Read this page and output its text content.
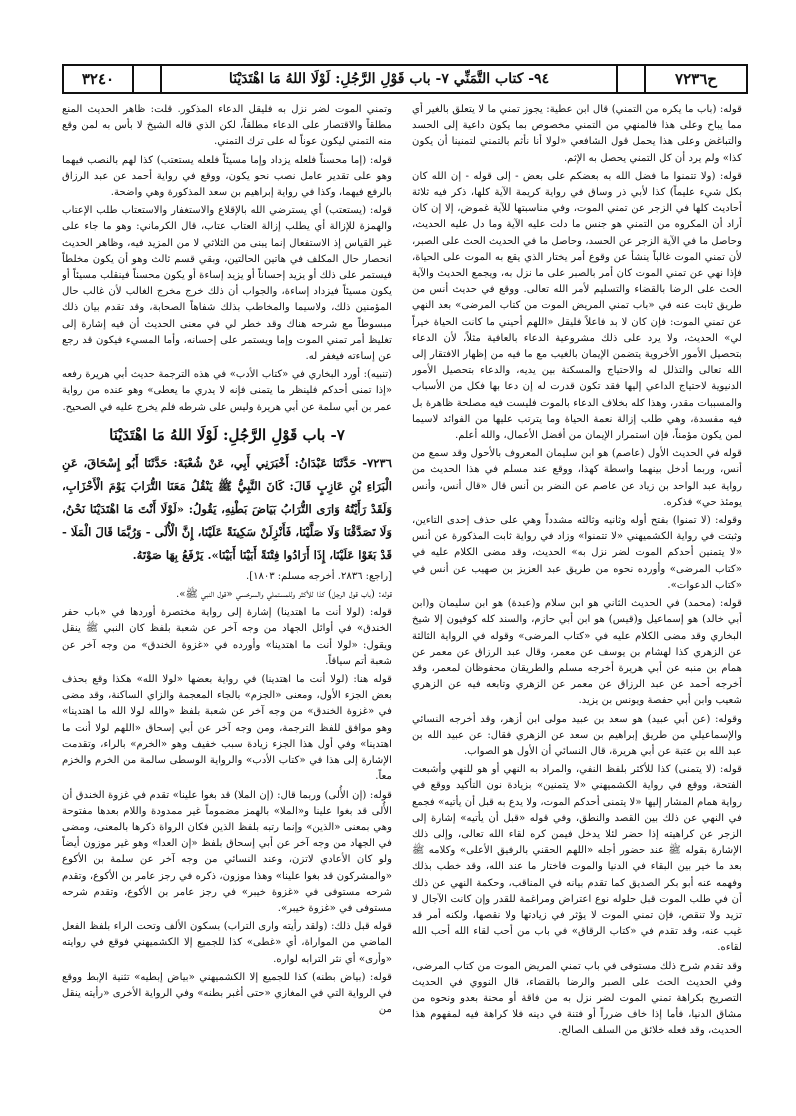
٣٢٤٠	٩٤- كتاب التَّمَنِّي ٧- باب قَوْلِ الرَّجُلِ: لَوْلَا اللهُ مَا اهْتَدَيْنَا	ح٧٢٣٦

قوله: (باب ما يكره من التمني) قال ابن عطية: يجوز تمني ما لا يتعلق بالغير أي مما يباح وعلى هذا فالمنهي من التمني مخصوص بما يكون داعية إلى الحسد والتباغض وعلى هذا يحمل قول الشافعي «لولا أنا نأثم بالتمني لتمنينا أن يكون كذا» ولم يرد أن كل التمني يحصل به الإثم.

قوله: (ولا تتمنوا ما فضل الله به بعضكم على بعض - إلى قوله - إن الله كان بكل شيء عليماً) كذا لأبي ذر وساق في رواية كريمة الآية كلها، ذكر فيه ثلاثة أحاديث كلها في الزجر عن تمني الموت، وفي مناسبتها للآية غموض، إلا إن كان أراد أن المكروه من التمني هو جنس ما دلت عليه الآية وما دل عليه الحديث، وحاصل ما في الآية الزجر عن الحسد، وحاصل ما في الحديث الحث على الصبر، لأن تمني الموت غالباً ينشأ عن وقوع أمر يختار الذي يقع به الموت على الحياة، فإذا نهي عن تمني الموت كان أمر بالصبر على ما نزل به، ويجمع الحديث والآية الحث على الرضا بالقضاء والتسليم لأمر الله تعالى. ووقع في حديث أنس من طريق ثابت عنه في «باب تمني المريض الموت من كتاب المرضى» بعد النهي عن تمني الموت: فإن كان لا بد فاعلاً فليقل «اللهم أحيني ما كانت الحياة خيراً لي» الحديث، ولا يرد على ذلك مشروعية الدعاء بالعافية مثلاً، لأن الدعاء بتحصيل الأمور الأخروية يتضمن الإيمان بالغيب مع ما فيه من إظهار الافتقار إلى الله تعالى والتذلل له والاحتياج والمسكنة بين يديه، والدعاء بتحصيل الأمور الدنيوية لاحتياج الداعي إليها فقد تكون قدرت له إن دعا بها فكل من الأسباب والمسببات مقدر، وهذا كله بخلاف الدعاء بالموت فليست فيه مصلحة ظاهرة بل فيه مفسدة، وهي طلب إزالة نعمة الحياة وما يترتب عليها من الفوائد لاسيما لمن يكون مؤمناً، فإن استمرار الإيمان من أفضل الأعمال، والله أعلم.

قوله في الحديث الأول (عاصم) هو ابن سليمان المعروف بالأحول وقد سمع من أنس، وربما أدخل بينهما واسطة كهذا، ووقع عند مسلم في هذا الحديث من رواية عبد الواحد بن زياد عن عاصم عن النضر بن أنس قال «قال أنس، وأنس يومئذ حي» فذكره.

وقوله: (لا تمنوا) بفتح أوله وثانيه وثالثه مشدداً وهي على حذف إحدى التاءين، وثبتت في رواية الكشميهني «لا تتمنوا» وزاد في رواية ثابت المذكورة عن أنس «لا يتمنين أحدكم الموت لضر نزل به» الحديث، وقد مضى الكلام عليه في «كتاب المرضى» وأورده نحوه من طريق عبد العزيز بن صهيب عن أنس في «كتاب الدعوات».

قوله: (محمد) في الحديث الثاني هو ابن سلام و(عبدة) هو ابن سليمان و(ابن أبي خالد) هو إسماعيل و(قيس) هو ابن أبي حازم، والسند كله كوفيون إلا شيخ البخاري وقد مضى الكلام عليه في «كتاب المرضى» وقوله في الرواية الثالثة عن الزهري كذا لهشام بن يوسف عن معمر، وقال عبد الرزاق عن معمر عن همام بن منبه عن أبي هريرة أخرجه مسلم والطريقان محفوظان لمعمر، وقد أخرجه أحمد عن عبد الرزاق عن معمر عن الزهري وتابعه فيه عن الزهري شعيب وابن أبي حفصة ويونس بن يزيد.

وقوله: (عن أبي عبيد) هو سعد بن عبيد مولى ابن أزهر، وقد أخرجه النسائي والإسماعيلي من طريق إبراهيم بن سعد عن الزهري فقال: عن عبيد الله بن عبد الله بن عتبة عن أبي هريرة، قال النسائي أن الأول هو الصواب.

قوله: (لا يتمنى) كذا للأكثر بلفظ النفي، والمراد به النهي أو هو للنهي وأشبعت الفتحة، ووقع في رواية الكشميهني «لا يتمنين» بزيادة نون التأكيد ووقع في رواية همام المشار إليها «لا يتمنى أحدكم الموت، ولا يدع به قبل أن يأتيه» فجمع في النهي عن ذلك بين القصد والنطق، وفي قوله «قبل أن يأتيه» إشارة إلى الزجر عن كراهيته إذا حضر لئلا يدخل فيمن كره لقاء الله تعالى، وإلى ذلك الإشارة بقوله ﷺ عند حضور أجله «اللهم الحقني بالرفيق الأعلى» وكلامه ﷺ بعد ما خير بين البقاء في الدنيا والموت فاختار ما عند الله، وقد خطب بذلك وفهمه عنه أبو بكر الصديق كما تقدم بيانه في المناقب، وحكمة النهي عن ذلك أن في طلب الموت قبل حلوله نوع اعتراض ومراغمة للقدر وإن كانت الآجال لا تزيد ولا تنقص، فإن تمني الموت لا يؤثر في زيادتها ولا نقصها، ولكنه أمر قد غيب عنه، وقد تقدم في «كتاب الرقاق» في باب من أحب لقاء الله أحب الله لقاءه.

وقد تقدم شرح ذلك مستوفى في باب تمني المريض الموت من كتاب المرضى، وفي الحديث الحث على الصبر والرضا بالقضاء، قال النووي في الحديث التصريح بكراهة تمني الموت لضر نزل به من فاقة أو محنة بعدو ونحوه من مشاق الدنيا، فأما إذا خاف ضرراً أو فتنة في دينه فلا كراهة فيه لمفهوم هذا الحديث، وقد فعله خلائق من السلف الصالح.

وتمني الموت لضر نزل به فليقل الدعاء المذكور. قلت: ظاهر الحديث المنع مطلقاً والاقتصار على الدعاء مطلقاً، لكن الذي قاله الشيخ لا بأس به لمن وقع منه التمني ليكون عوناً له على ترك التمني.

قوله: (إما محسناً فلعله يزداد وإما مسيئاً فلعله يستعتب) كذا لهم بالنصب فيهما وهو على تقدير عامل نصب نحو يكون، ووقع في رواية أحمد عن عبد الرزاق بالرفع فيهما، وكذا في رواية إبراهيم بن سعد المذكورة وهي واضحة.

قوله: (يستعتب) أي يسترضي الله بالإقلاع والاستغفار والاستعتاب طلب الإعتاب والهمزة للإزالة أي يطلب إزالة العتاب عتاب، قال الكرماني: وهو ما جاء على غير القياس إذ الاستفعال إنما يبنى من الثلاثي لا من المزيد فيه، وظاهر الحديث انحصار حال المكلف في هاتين الحالتين، وبقي قسم ثالث وهو أن يكون مخلطاً فيستمر على ذلك أو يزيد إحساناً أو يزيد إساءة أو يكون محسناً فينقلب مسيئاً أو يكون مسيئاً فيزداد إساءة، والجواب أن ذلك خرج مخرج الغالب لأن غالب حال المؤمنين ذلك، ولاسيما والمخاطب بذلك شفاهاً الصحابة، وقد تقدم بيان ذلك مبسوطاً مع شرحه هناك وقد خطر لي في معنى الحديث أن فيه إشارة إلى تغليظ أمر تمني الموت وإما ويستمر على إحسانه، وأما المسيء فيكون قد رجع عن إساءته فيغفر له.

(تنبيه): أورد البخاري في «كتاب الأدب» في هذه الترجمة حديث أبي هريرة رفعه «إذا تمنى أحدكم فلينظر ما يتمنى فإنه لا يدري ما يعطى» وهو عنده من رواية عمر بن أبي سلمة عن أبي هريرة وليس على شرطه فلم يخرج عليه في الصحيح.

٧- باب قَوْلِ الرَّجُلِ: لَوْلَا اللهُ مَا اهْتَدَيْنَا

٧٢٣٦- حَدَّثَنَا عَبْدَانُ: أَخْبَرَنِي أَبِي، عَنْ شُعْبَةَ: حَدَّثَنَا أَبُو إِسْحَاقَ، عَنِ الْبَرَاءِ بْنِ عَازِبٍ قَالَ: كَانَ النَّبِيُّ ﷺ يَنْقُلُ مَعَنَا التُّرَابَ يَوْمَ الْأَحْزَابِ، وَلَقَدْ رَأَيْتُهُ وَارَى التُّرَابُ بَيَاضَ بَطْنِهِ، يَقُولُ: «لَوْلَا أَنْتَ مَا اهْتَدَيْنَا نَحْنُ، وَلَا تَصَدَّقْنَا وَلَا صَلَّيْنَا، فَأَنْزِلَنْ سَكِينَةً عَلَيْنَا، إِنَّ الْأُلَى - وَرُبَّمَا قَالَ الْمَلَا - قَدْ بَغَوْا عَلَيْنَا، إِذَا أَرَادُوا فِتْنَةً أَبَيْنَا أَبَيْنَا». يَرْفَعُ بِهَا صَوْتَهُ.

[راجع: ٢٨٣٦. أخرجه مسلم: ١٨٠٣].

قوله: (باب قول الرجل) كذا للأكثر وللمستملي والسرخسي «قول النبي ﷺ».

قوله: (لولا أنت ما اهتدينا) إشارة إلى رواية مختصرة أوردها في «باب حفر الخندق» في أوائل الجهاد من وجه آخر عن شعبة بلفظ كان النبي ﷺ ينقل ويقول: «لولا أنت ما اهتدينا» وأورده في «غزوة الخندق» من وجه آخر عن شعبة أتم سياقاً.

قوله هنا: (لولا أنت ما اهتدينا) في رواية بعضها «لولا الله» هكذا وقع بحذف بعض الجزء الأول، ومعنى «الجزم» بالجاء المعجمة والزاي الساكنة، وقد مضى في «غزوة الخندق» من وجه آخر عن شعبة بلفظ «والله لولا الله ما اهتدينا» وهو موافق للفظ الترجمة، ومن وجه آخر عن أبي إسحاق «اللهم لولا أنت ما اهتدينا» وفي أول هذا الجزء زيادة سبب خفيف وهو «الخرم» بالراء، وتقدمت الإشارة إلى هذا في «كتاب الأدب» والرواية الوسطى سالمة من الخرم والخزم معاً.

قوله: (إن الأُلى) وربما قال: (إن الملا) قد بغوا علينا» تقدم في غزوة الخندق أن الأُلى قد بغوا علينا و«الملا» بالهمز مضموماً غير ممدودة واللام بعدها مفتوحة وهي بمعنى «الذين» وإنما رتبه بلفظ الذين فكان الرواة ذكرها بالمعنى، ومضى في الجهاد من وجه آخر عن أبي إسحاق بلفظ «إن العدا» وهو غير موزون أيضاً ولو كان الأعادي لاتزن، وعند النسائي من وجه آخر عن سلمة بن الأكوع «والمشركون قد بغوا علينا» وهذا موزون، ذكره في رجز عامر بن الأكوع، وتقدم شرحه مستوفى في «غزوة خيبر» في رجز عامر بن الأكوع، وتقدم شرحه مستوفى في «غزوة خيبر».

قوله قبل ذلك: (ولقد رأيته وارى التراب) بسكون الألف وتحت الراء بلفظ الفعل الماضي من المواراة، أي «غطى» كذا للجميع إلا الكشميهني فوقع في روايته «وأرى» أي نثر الترابه لواره.

قوله: (بياض بطنه) كذا للجميع إلا الكشميهني «بياض إبطيه» تثنية الإبط ووقع في الرواية التي في المغازي «حتى أغبر بطنه» وفي الرواية الأخرى «رأيته ينقل من
